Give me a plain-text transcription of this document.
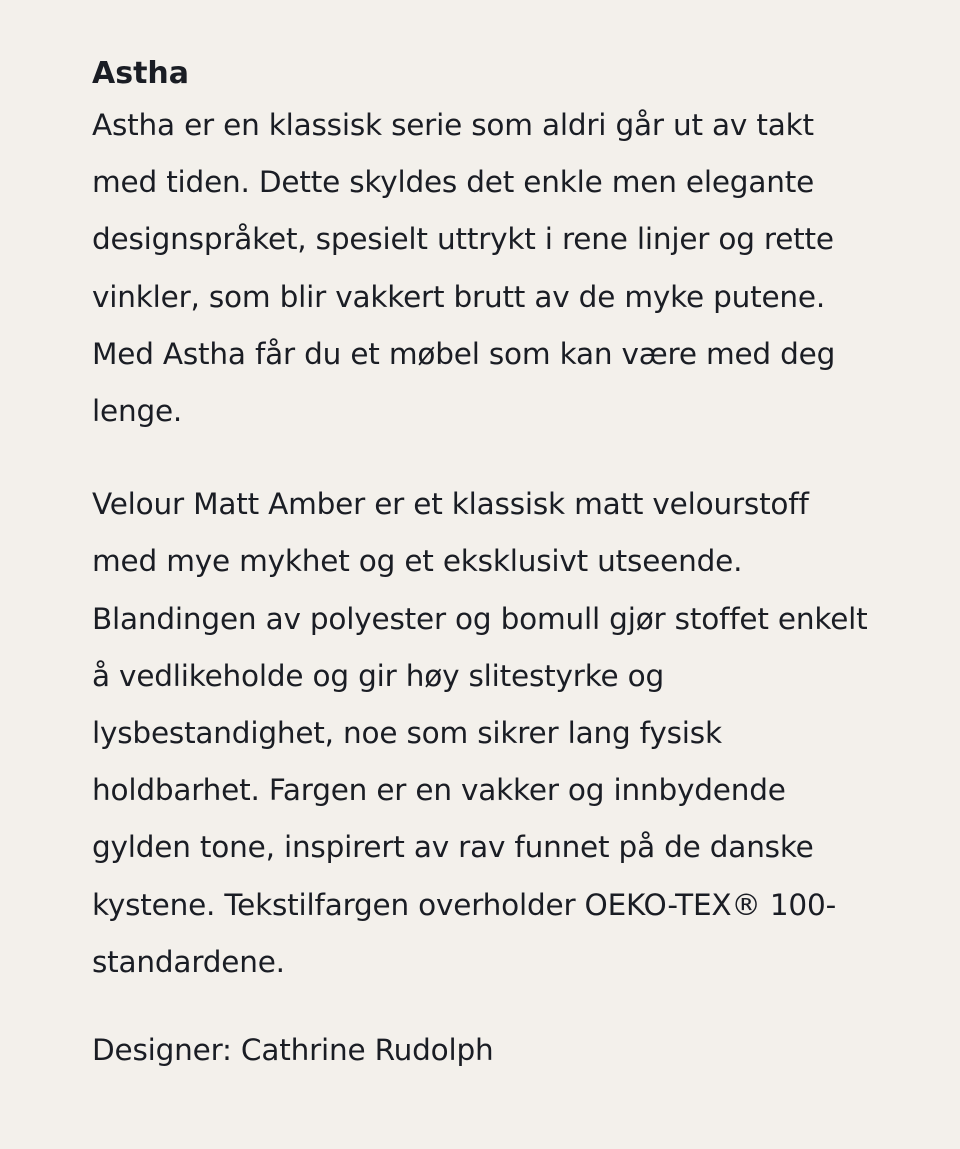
Astha

Astha er en klassisk serie som aldri går ut av takt med tiden. Dette skyldes det enkle men elegante designspråket, spesielt uttrykt i rene linjer og rette vinkler, som blir vakkert brutt av de myke putene. Med Astha får du et møbel som kan være med deg lenge.

Velour Matt Amber er et klassisk matt velourstoff med mye mykhet og et eksklusivt utseende. Blandingen av polyester og bomull gjør stoffet enkelt å vedlikeholde og gir høy slitestyrke og lysbestandighet, noe som sikrer lang fysisk holdbarhet. Fargen er en vakker og innbydende gylden tone, inspirert av rav funnet på de danske kystene. Tekstilfargen overholder OEKO-TEX® 100-standardene.

Designer: Cathrine Rudolph
